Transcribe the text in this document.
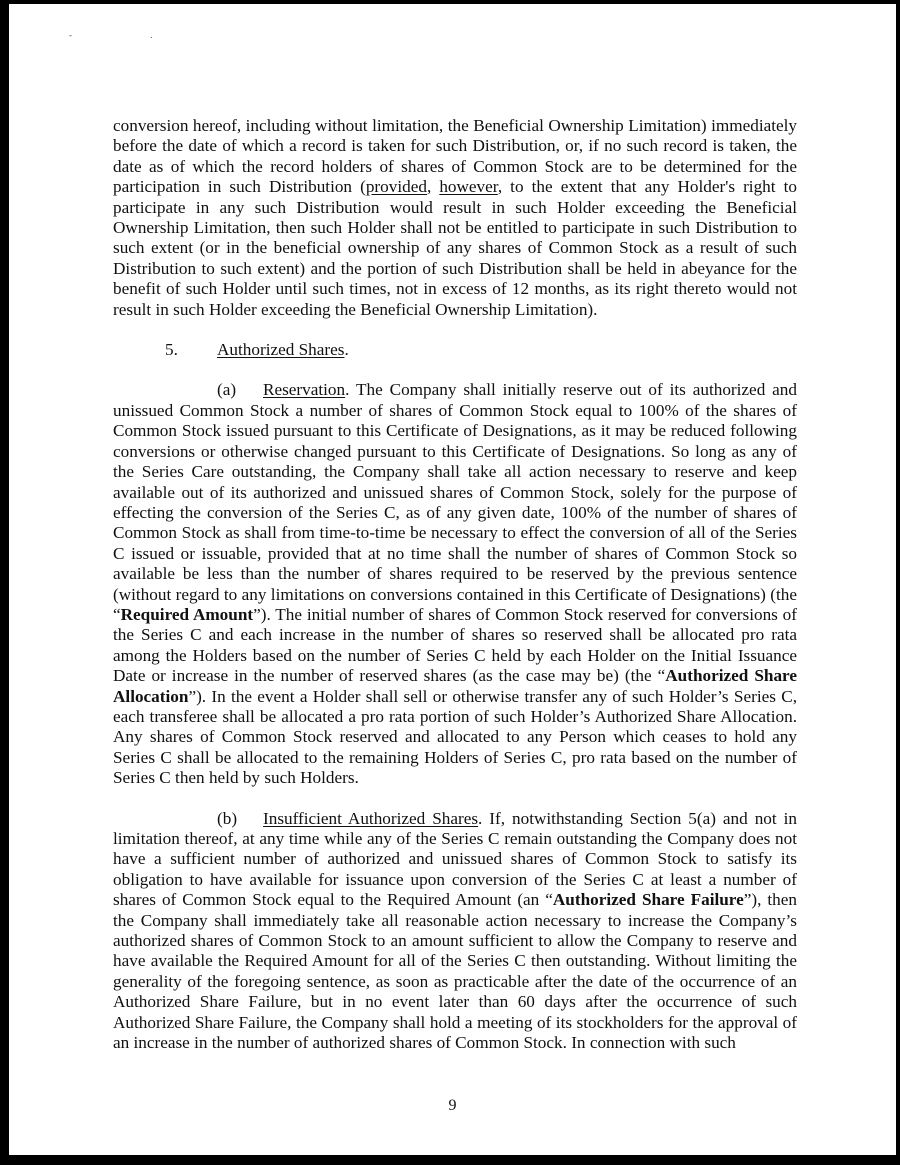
- .

conversion hereof, including without limitation, the Beneficial Ownership Limitation) immediately before the date of which a record is taken for such Distribution, or, if no such record is taken, the date as of which the record holders of shares of Common Stock are to be determined for the participation in such Distribution (provided, however, to the extent that any Holder's right to participate in any such Distribution would result in such Holder exceeding the Beneficial Ownership Limitation, then such Holder shall not be entitled to participate in such Distribution to such extent (or in the beneficial ownership of any shares of Common Stock as a result of such Distribution to such extent) and the portion of such Distribution shall be held in abeyance for the benefit of such Holder until such times, not in excess of 12 months, as its right thereto would not result in such Holder exceeding the Beneficial Ownership Limitation).

5. Authorized Shares.

(a) Reservation. The Company shall initially reserve out of its authorized and unissued Common Stock a number of shares of Common Stock equal to 100% of the shares of Common Stock issued pursuant to this Certificate of Designations, as it may be reduced following conversions or otherwise changed pursuant to this Certificate of Designations. So long as any of the Series Care outstanding, the Company shall take all action necessary to reserve and keep available out of its authorized and unissued shares of Common Stock, solely for the purpose of effecting the conversion of the Series C, as of any given date, 100% of the number of shares of Common Stock as shall from time-to-time be necessary to effect the conversion of all of the Series C issued or issuable, provided that at no time shall the number of shares of Common Stock so available be less than the number of shares required to be reserved by the previous sentence (without regard to any limitations on conversions contained in this Certificate of Designations) (the “Required Amount”). The initial number of shares of Common Stock reserved for conversions of the Series C and each increase in the number of shares so reserved shall be allocated pro rata among the Holders based on the number of Series C held by each Holder on the Initial Issuance Date or increase in the number of reserved shares (as the case may be) (the “Authorized Share Allocation”). In the event a Holder shall sell or otherwise transfer any of such Holder’s Series C, each transferee shall be allocated a pro rata portion of such Holder’s Authorized Share Allocation. Any shares of Common Stock reserved and allocated to any Person which ceases to hold any Series C shall be allocated to the remaining Holders of Series C, pro rata based on the number of Series C then held by such Holders.

(b) Insufficient Authorized Shares. If, notwithstanding Section 5(a) and not in limitation thereof, at any time while any of the Series C remain outstanding the Company does not have a sufficient number of authorized and unissued shares of Common Stock to satisfy its obligation to have available for issuance upon conversion of the Series C at least a number of shares of Common Stock equal to the Required Amount (an “Authorized Share Failure”), then the Company shall immediately take all reasonable action necessary to increase the Company’s authorized shares of Common Stock to an amount sufficient to allow the Company to reserve and have available the Required Amount for all of the Series C then outstanding. Without limiting the generality of the foregoing sentence, as soon as practicable after the date of the occurrence of an Authorized Share Failure, but in no event later than 60 days after the occurrence of such Authorized Share Failure, the Company shall hold a meeting of its stockholders for the approval of an increase in the number of authorized shares of Common Stock. In connection with such

9
